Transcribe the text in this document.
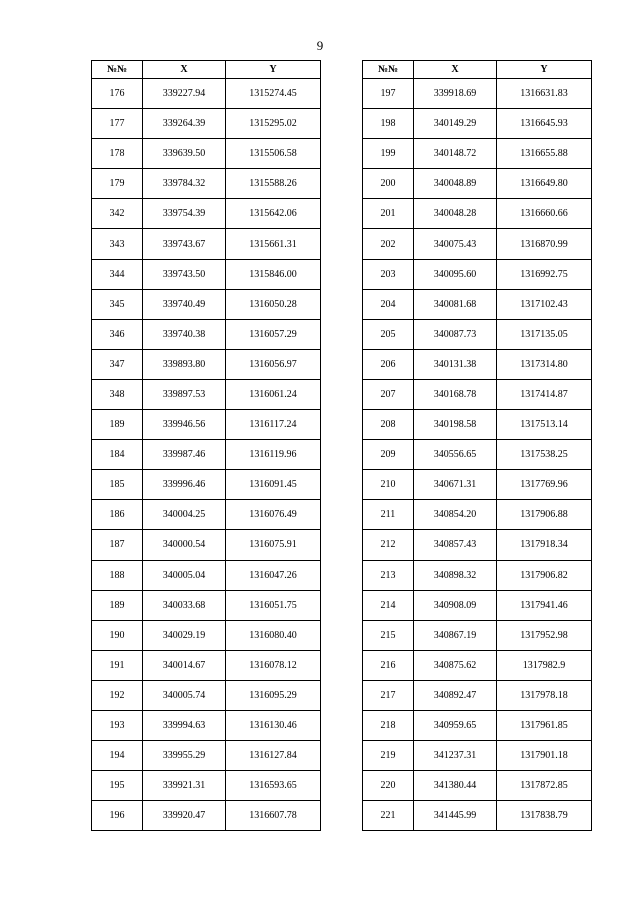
9
№№	X	Y
176	339227.94	1315274.45
177	339264.39	1315295.02
178	339639.50	1315506.58
179	339784.32	1315588.26
342	339754.39	1315642.06
343	339743.67	1315661.31
344	339743.50	1315846.00
345	339740.49	1316050.28
346	339740.38	1316057.29
347	339893.80	1316056.97
348	339897.53	1316061.24
189	339946.56	1316117.24
184	339987.46	1316119.96
185	339996.46	1316091.45
186	340004.25	1316076.49
187	340000.54	1316075.91
188	340005.04	1316047.26
189	340033.68	1316051.75
190	340029.19	1316080.40
191	340014.67	1316078.12
192	340005.74	1316095.29
193	339994.63	1316130.46
194	339955.29	1316127.84
195	339921.31	1316593.65
196	339920.47	1316607.78
№№	X	Y
197	339918.69	1316631.83
198	340149.29	1316645.93
199	340148.72	1316655.88
200	340048.89	1316649.80
201	340048.28	1316660.66
202	340075.43	1316870.99
203	340095.60	1316992.75
204	340081.68	1317102.43
205	340087.73	1317135.05
206	340131.38	1317314.80
207	340168.78	1317414.87
208	340198.58	1317513.14
209	340556.65	1317538.25
210	340671.31	1317769.96
211	340854.20	1317906.88
212	340857.43	1317918.34
213	340898.32	1317906.82
214	340908.09	1317941.46
215	340867.19	1317952.98
216	340875.62	1317982.9
217	340892.47	1317978.18
218	340959.65	1317961.85
219	341237.31	1317901.18
220	341380.44	1317872.85
221	341445.99	1317838.79
